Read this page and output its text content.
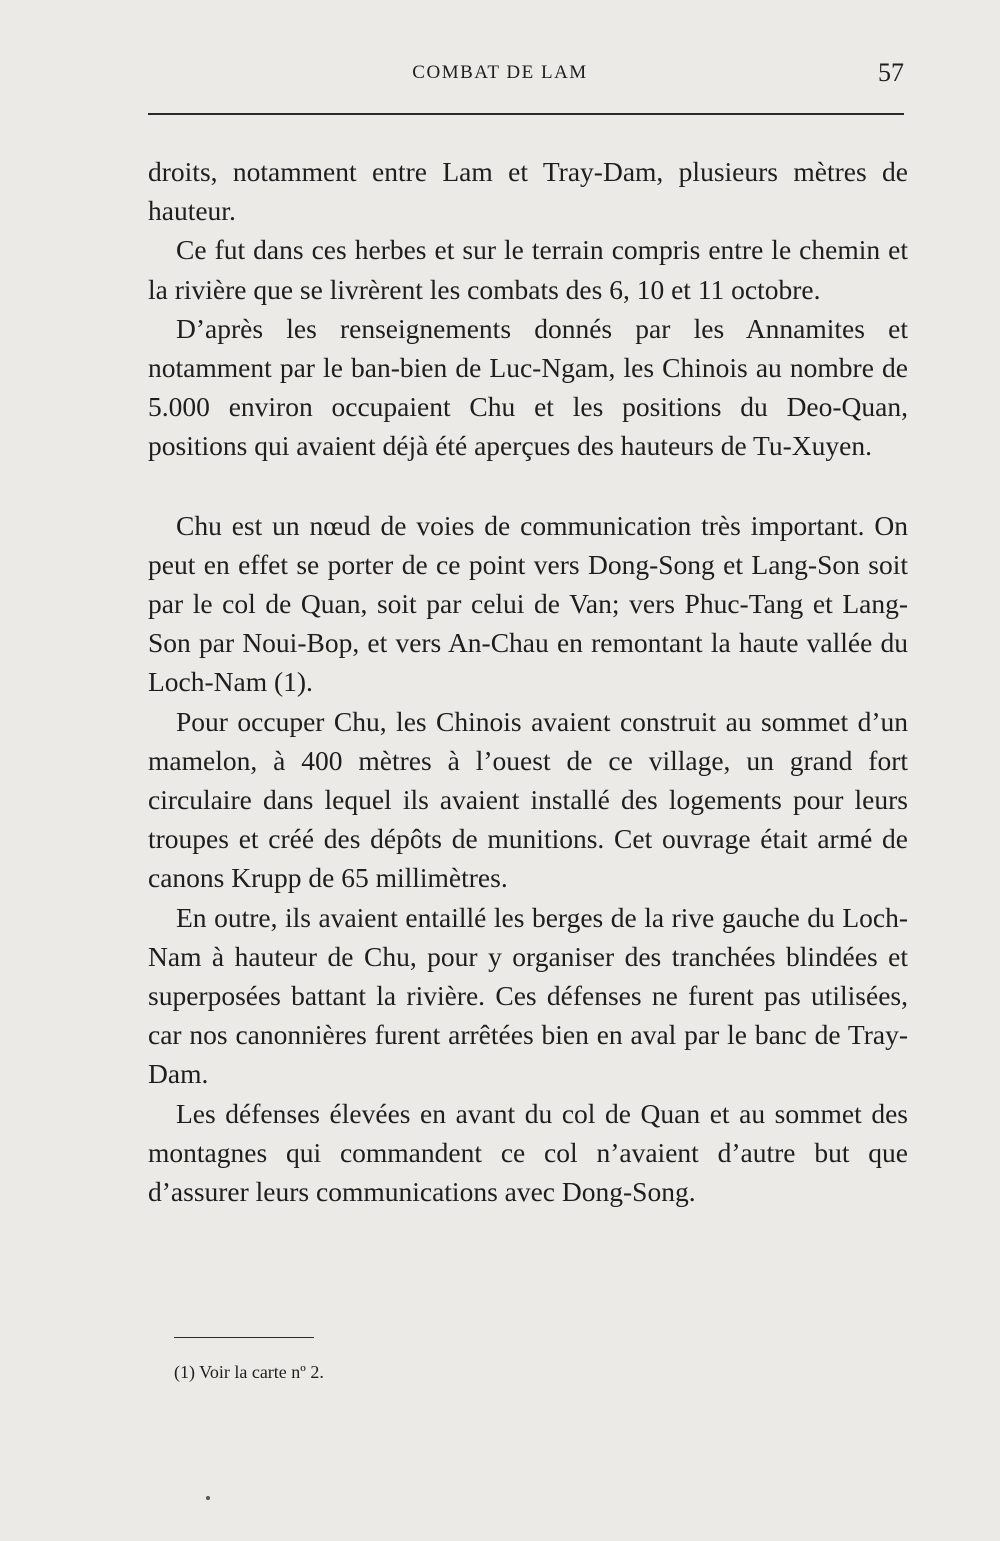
COMBAT DE LAM	57

droits, notamment entre Lam et Tray-Dam, plusieurs mètres de hauteur.

Ce fut dans ces herbes et sur le terrain compris entre le chemin et la rivière que se livrèrent les combats des 6, 10 et 11 octobre.

D’après les renseignements donnés par les Annamites et notamment par le ban-bien de Luc-Ngam, les Chinois au nombre de 5.000 environ occupaient Chu et les positions du Deo-Quan, positions qui avaient déjà été aperçues des hauteurs de Tu-Xuyen.

Chu est un nœud de voies de communication très important. On peut en effet se porter de ce point vers Dong-Song et Lang-Son soit par le col de Quan, soit par celui de Van; vers Phuc-Tang et Lang-Son par Noui-Bop, et vers An-Chau en remontant la haute vallée du Loch-Nam (1).

Pour occuper Chu, les Chinois avaient construit au sommet d’un mamelon, à 400 mètres à l’ouest de ce village, un grand fort circulaire dans lequel ils avaient installé des logements pour leurs troupes et créé des dépôts de munitions. Cet ouvrage était armé de canons Krupp de 65 millimètres.

En outre, ils avaient entaillé les berges de la rive gauche du Loch-Nam à hauteur de Chu, pour y organiser des tranchées blindées et superposées battant la rivière. Ces défenses ne furent pas utilisées, car nos canonnières furent arrêtées bien en aval par le banc de Tray-Dam.

Les défenses élevées en avant du col de Quan et au sommet des montagnes qui commandent ce col n’avaient d’autre but que d’assurer leurs communications avec Dong-Song.

(1) Voir la carte nº 2.
